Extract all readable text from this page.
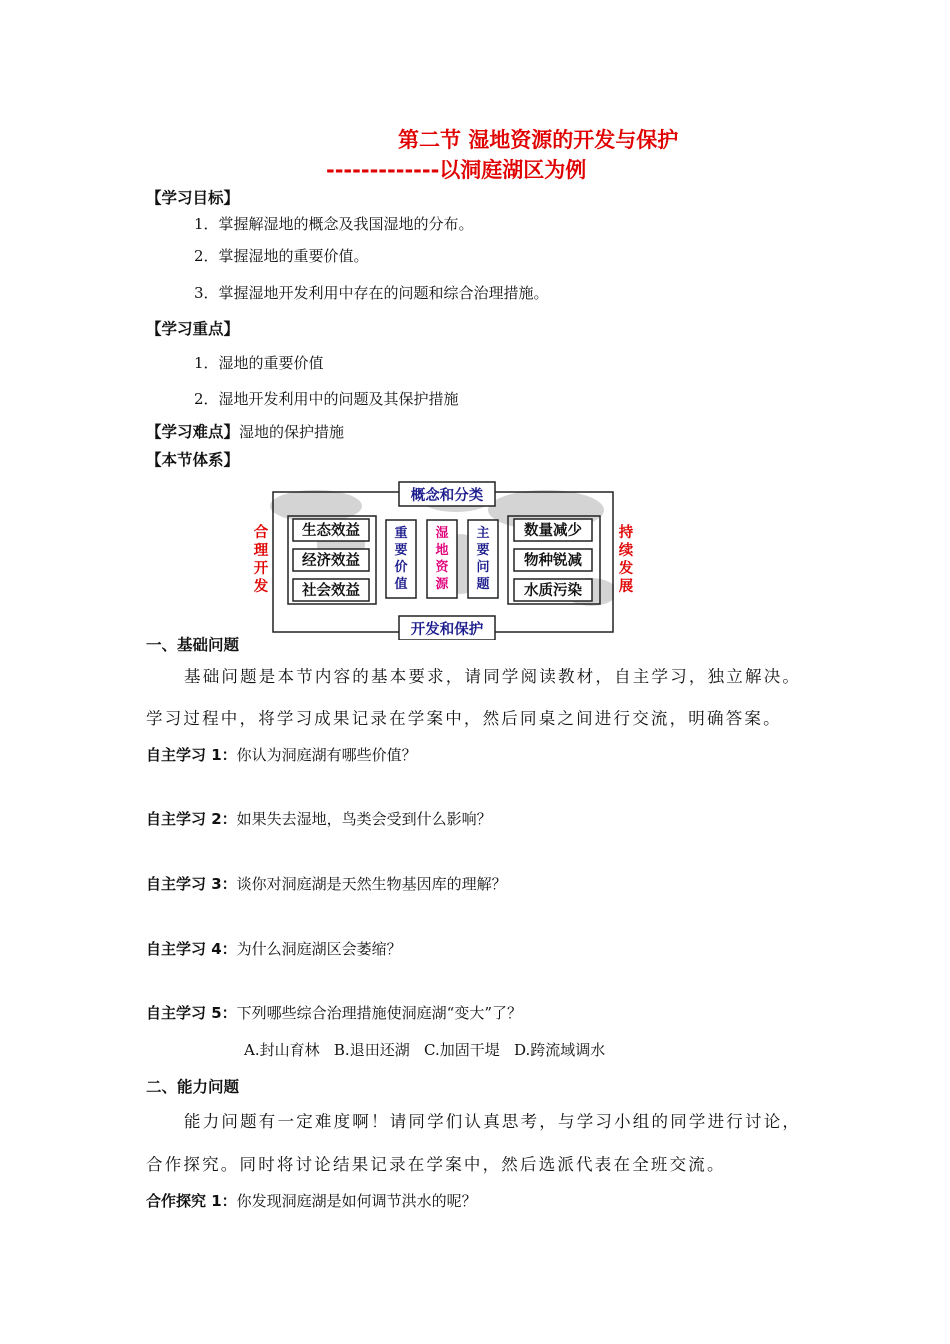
第二节 湿地资源的开发与保护
-------------以洞庭湖区为例
【学习目标】
1．掌握解湿地的概念及我国湿地的分布。
2．掌握湿地的重要价值。
3．掌握湿地开发利用中存在的问题和综合治理措施。
【学习重点】
1．湿地的重要价值
2．湿地开发利用中的问题及其保护措施
【学习难点】湿地的保护措施
【本节体系】
概念和分类
开发和保护
合
理
开
发
持
续
发
展
生态效益
经济效益
社会效益
重
要
价
值
湿
地
资
源
主
要
问
题
数量减少
物种锐减
水质污染
一、基础问题
基础问题是本节内容的基本要求，请同学阅读教材，自主学习，独立解决。
学习过程中，将学习成果记录在学案中，然后同桌之间进行交流，明确答案。
自主学习 1：你认为洞庭湖有哪些价值？
自主学习 2：如果失去湿地，鸟类会受到什么影响？
自主学习 3：谈你对洞庭湖是天然生物基因库的理解？
自主学习 4：为什么洞庭湖区会萎缩？
自主学习 5：下列哪些综合治理措施使洞庭湖“变大”了？
A.封山育林   B.退田还湖   C.加固干堤   D.跨流域调水
二、能力问题
能力问题有一定难度啊！请同学们认真思考，与学习小组的同学进行讨论，
合作探究。同时将讨论结果记录在学案中，然后选派代表在全班交流。
合作探究 1：你发现洞庭湖是如何调节洪水的呢？
